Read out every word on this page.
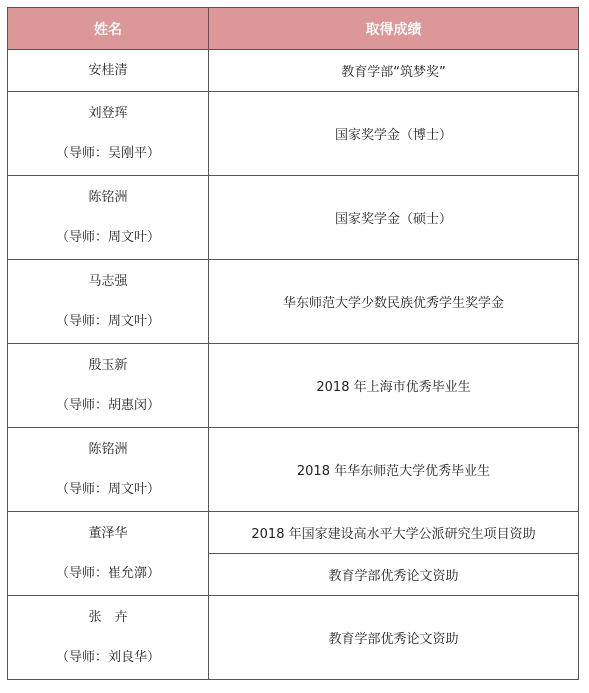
姓名	取得成绩

安桂清	教育学部“筑梦奖”

刘登珲
（导师：吴刚平）	国家奖学金（博士）

陈铭洲
（导师：周文叶）	国家奖学金（硕士）

马志强
（导师：周文叶）	华东师范大学少数民族优秀学生奖学金

殷玉新
（导师：胡惠闵）	2018 年上海市优秀毕业生

陈铭洲
（导师：周文叶）	2018 年华东师范大学优秀毕业生

董泽华
（导师：崔允漷）	2018 年国家建设高水平大学公派研究生项目资助
	教育学部优秀论文资助

张　卉
（导师：刘良华）	教育学部优秀论文资助
